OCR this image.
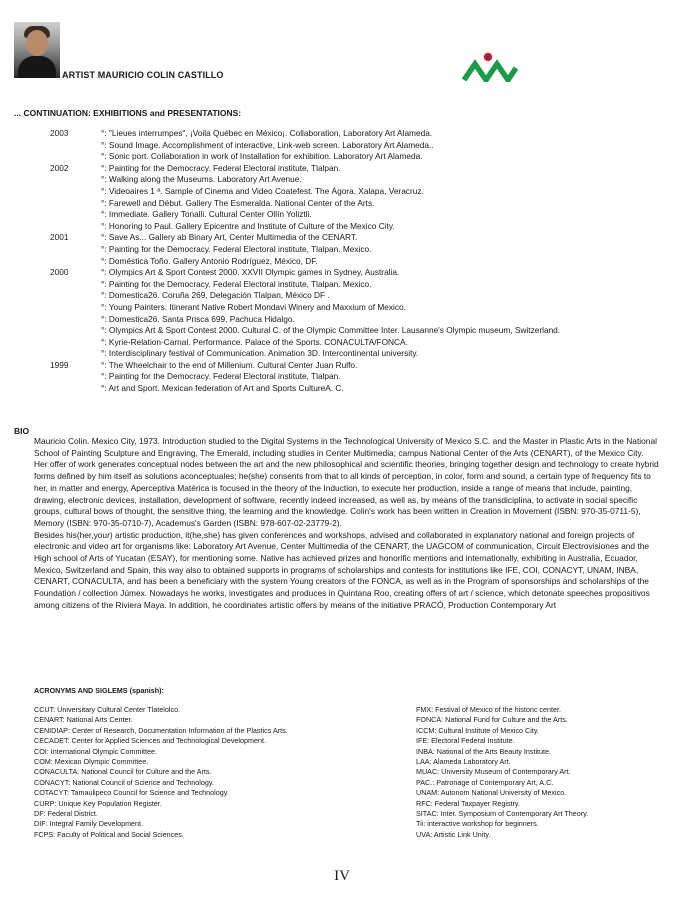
ARTIST MAURICIO COLIN CASTILLO
... CONTINUATION: EXHIBITIONS and PRESENTATIONS:
2003	°: "Lieues interrumpes", ¡Voila Québec en México¡. Collaboration, Laboratory Art Alameda.
°: Sound Image. Accomplishment of interactive, Link-web screen. Laboratory Art Alameda..
°: Sonic port. Collaboration in work of Installation for exhibition. Laboratory Art Alameda.
2002	°: Painting for the Democracy. Federal Electoral institute, Tlalpan.
°: Walking along the Museums. Laboratory Art Avenue.
°: Videoaires 1 ª. Sample of Cinema and Video Coatefest. The Ágora. Xalapa, Veracruz.
°: Farewell and Début. Gallery The Esmeralda. National Center of the Arts.
°: Immediate. Gallery Tonalli. Cultural Center Ollín Yoliztli.
°: Honoring to Paul. Gallery Epicentre and Institute of Culture of the Mexico City.
2001	°: Save As... Gallery ab Binary Art, Center Multimedia of the CENART.
°: Painting for the Democracy. Federal Electoral institute, Tlalpan. Mexico.
°: Doméstica Toño. Gallery Antonio Rodríguez, México, DF.
2000	°: Olympics Art & Sport Contest 2000. XXVII Olympic games in Sydney, Australia.
°: Painting for the Democracy. Federal Electoral institute, Tlalpan. Mexico.
°: Domestica26. Coruña 269, Delegación Tlalpan, México DF .
°: Young Painters. Itinerant Native Robert Mondavi Winery and Maxxium of Mexico.
°: Domestica26. Santa Prisca 699, Pachuca Hidalgo.
°: Olympics Art & Sport Contest 2000. Cultural C. of the Olympic Committee Inter. Lausanne's Olympic museum, Switzerland.
°: Kyrie-Relation-Carnal. Performance. Palace of the Sports. CONACULTA/FONCA.
°: Interdisciplinary festival of Communication. Animation 3D. Intercontinental university.
1999	°: The Wheelchair to the end of Millenium. Cultural Center Juan Rulfo.
°: Painting for the Democracy. Federal Electoral institute, Tlalpan.
°: Art and Sport. Mexican federation of Art and Sports CultureA. C.
BIO

Mauricio Colin. Mexico City, 1973. Introduction studied to the Digital Systems in the Technological University of Mexico S.C. and the Master in Plastic Arts in the National School of Painting Sculpture and Engraving, The Emerald, including studies in Center Multimedia; campus National Center of the Arts (CENART), of the Mexico City.

Her offer of work generates conceptual nodes between the art and the new philosophical and scientific theories, bringing together design and technology to create hybrid forms defined by him itself as solutions aconceptuales; he(she) consents from that to all kinds of perception, in color, form and sound, a certain type of frequency fits to her, in matter and energy, Aperceptiva Matérica is focused in the theory of the Induction, to execute her production, inside a range of means that include, painting, drawing, electronic devices, installation, development of software, recently indeed increased, as well as, by means of the transdiciplina, to activate in social specific groups, cultural bows of thought, the sensitive thing, the learning and the knowledge. Colin's work has been written in Creation in Movement (ISBN: 970-35-0711-5), Memory (ISBN: 970-35-0710-7), Academus's Garden (ISBN: 978-607-02-23779-2).

Besides his(her,your) artistic production, it(he,she) has given conferences and workshops, advised and collaborated in explanatory national and foreign projects of electronic and video art for organisms like: Laboratory Art Avenue, Center Multimedia of the CENART, the UAGCOM of communication, Circuit Electrovisiones and the High school of Arts of Yucatan (ESAY), for mentioning some. Native has achieved prizes and honorific mentions and internationally, exhibiting in Australia, Ecuador, Mexico, Switzerland and Spain, this way also to obtained supports in programs of scholarships and contests for institutions like IFE, COI, CONACYT, UNAM, INBA, CENART, CONACULTA, and has been a beneficiary with the system Young creators of the FONCA, as well as in the Program of sponsorships and scholarships of the Foundation / collection Júmex. Nowadays he works, investigates and produces in Quintana Roo, creating offers of art / science, which detonate speeches propositivos among citizens of the Riviera Maya. In addition, he coordinates artistic offers by means of the initiative PRACÓ, Production Contemporary Art

ACRONYMS AND SIGLEMS (spanish):
CCUT: Universitary Cultural Center Tlatelolco.
CENART: National Arts Center.
CENIDIAP: Center of Research, Documentation Information of the Plastics Arts.
CECADET: Center for Applied Sciences and Technological Development.
COI: International Olympic Committee.
COM: Mexican Olympic Committee.
CONACULTA: National Council for Culture and the Arts.
CONACYT: National Council of Science and Technology.
COTACYT: Tamaulipeco Council for Science and Technology.
CURP: Unique Key Population Register.
DF: Federal District.
DIF: Integral Family Development.
FCPS: Faculty of Political and Social Sciences.
FMX: Festival of Mexico of the historic center.
FONCA: National Fund for Culture and the Arts.
ICCM: Cultural Institute of Mexico City.
IFE: Electoral Federal Institute.
INBA: National of the Arts Beauty Institute.
LAA: Alameda Laboratory Art.
MUAC: University Museum of Contemporary Art.
PAC.: Patronage of Contemporary Art, A.C.
UNAM: Autonom National University of Mexico.
RFC: Federal Taxpayer Registry.
SITAC: Inter. Symposium of Contemporary Art Theory.
Tii: interactive workshop for beginners.
UVA: Artistic Link Unity.
IV
